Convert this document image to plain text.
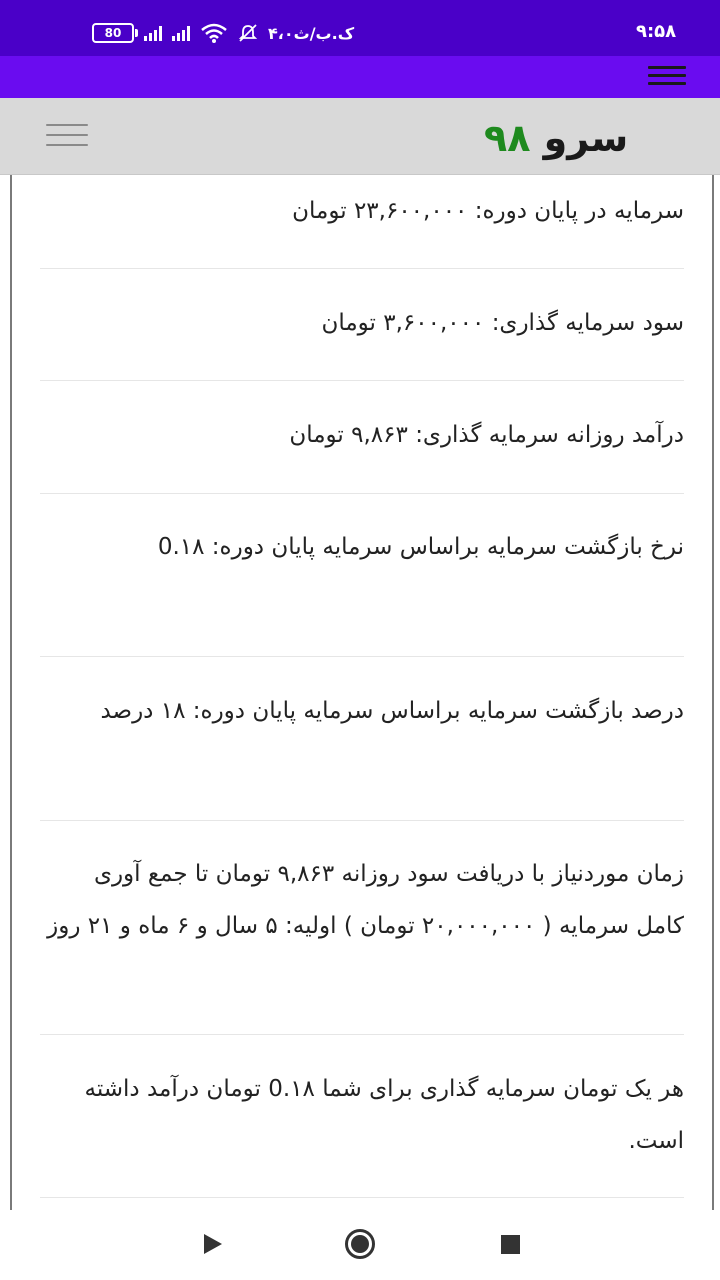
80	۴،۰ک.ب/ث	۹:۵۸
سرو ۹۸
سرمایه در پایان دوره: ۲۳,۶۰۰,۰۰۰ تومان
سود سرمایه گذاری: ۳,۶۰۰,۰۰۰ تومان
درآمد روزانه سرمایه گذاری: ۹,۸۶۳ تومان
نرخ بازگشت سرمایه براساس سرمایه پایان دوره: 0.۱۸
درصد بازگشت سرمایه براساس سرمایه پایان دوره: ۱۸ درصد
زمان موردنیاز با دریافت سود روزانه ۹,۸۶۳ تومان تا جمع آوری کامل سرمایه ( ۲۰,۰۰۰,۰۰۰ تومان ) اولیه: ۵ سال و ۶ ماه و ۲۱ روز
هر یک تومان سرمایه گذاری برای شما 0.۱۸ تومان درآمد داشته است.
